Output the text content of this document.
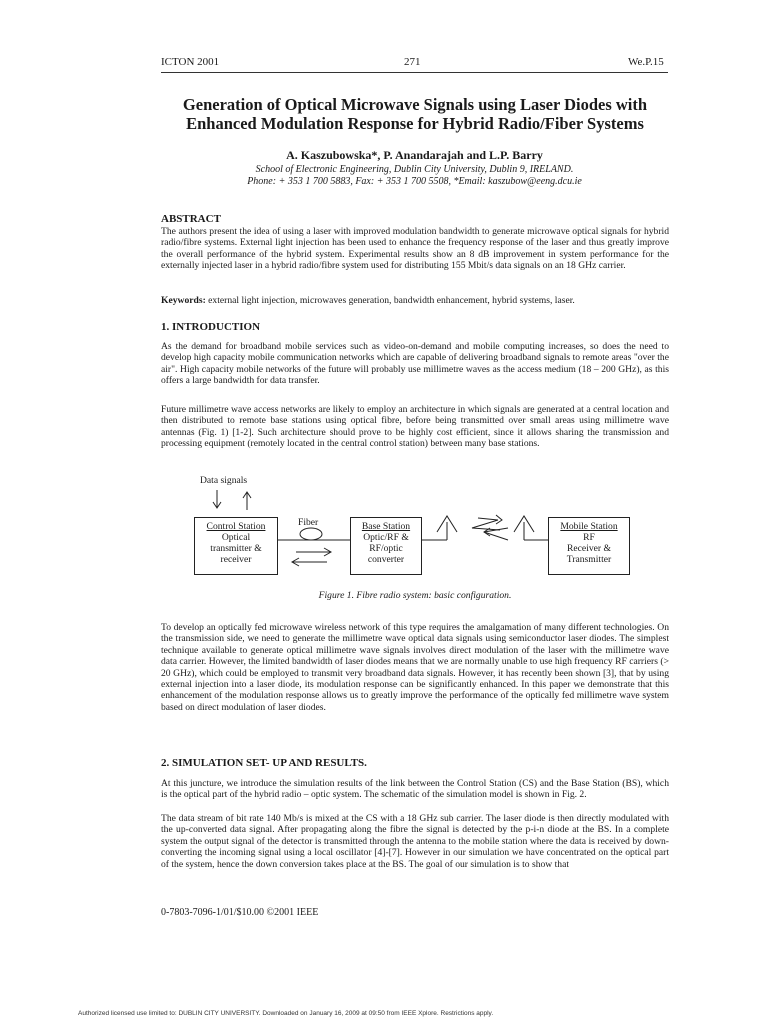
ICTON 2001	271	We.P.15
Generation of Optical Microwave Signals using Laser Diodes with Enhanced Modulation Response for Hybrid Radio/Fiber Systems
A. Kaszubowska*, P. Anandarajah and L.P. Barry
School of Electronic Engineering, Dublin City University, Dublin 9, IRELAND.
Phone: + 353 1 700 5883, Fax: + 353 1 700 5508, *Email: kaszubow@eeng.dcu.ie
ABSTRACT

The authors present the idea of using a laser with improved modulation bandwidth to generate microwave optical signals for hybrid radio/fibre systems. External light injection has been used to enhance the frequency response of the laser and thus greatly improve the overall performance of the hybrid system. Experimental results show an 8 dB improvement in system performance for the externally injected laser in a hybrid radio/fibre system used for distributing 155 Mbit/s data signals on an 18 GHz carrier.

Keywords: external light injection, microwaves generation, bandwidth enhancement, hybrid systems, laser.

1. INTRODUCTION

As the demand for broadband mobile services such as video-on-demand and mobile computing increases, so does the need to develop high capacity mobile communication networks which are capable of delivering broadband signals to remote areas "over the air". High capacity mobile networks of the future will probably use millimetre waves as the access medium (18 – 200 GHz), as this offers a large bandwidth for data transfer.

Future millimetre wave access networks are likely to employ an architecture in which signals are generated at a central location and then distributed to remote base stations using optical fibre, before being transmitted over small areas using millimetre wave antennas (Fig. 1) [1-2]. Such architecture should prove to be highly cost efficient, since it allows sharing the transmission and processing equipment (remotely located in the central control station) between many base stations.

Data signals
Control Station
Optical
transmitter &
receiver
Fiber	Base Station
Optic/RF &
RF/optic
converter
Mobile Station
RF
Receiver &
Transmitter
Figure 1. Fibre radio system: basic configuration.

To develop an optically fed microwave wireless network of this type requires the amalgamation of many different technologies. On the transmission side, we need to generate the millimetre wave optical data signals using semiconductor laser diodes. The simplest technique available to generate optical millimetre wave signals involves direct modulation of the laser with the millimetre wave data carrier. However, the limited bandwidth of laser diodes means that we are normally unable to use high frequency RF carriers (> 20 GHz), which could be employed to transmit very broadband data signals. However, it has recently been shown [3], that by using external injection into a laser diode, its modulation response can be significantly enhanced. In this paper we demonstrate that this enhancement of the modulation response allows us to greatly improve the performance of the optically fed millimetre wave system based on direct modulation of laser diodes.

2. SIMULATION SET- UP AND RESULTS.

At this juncture, we introduce the simulation results of the link between the Control Station (CS) and the Base Station (BS), which is the optical part of the hybrid radio – optic system. The schematic of the simulation model is shown in Fig. 2.

The data stream of bit rate 140 Mb/s is mixed at the CS with a 18 GHz sub carrier. The laser diode is then directly modulated with the up-converted data signal. After propagating along the fibre the signal is detected by the p-i-n diode at the BS. In a complete system the output signal of the detector is transmitted through the antenna to the mobile station where the data is received by down-converting the incoming signal using a local oscillator [4]-[7]. However in our simulation we have concentrated on the optical part of the system, hence the down conversion takes place at the BS. The goal of our simulation is to show that

0-7803-7096-1/01/$10.00 ©2001 IEEE
Authorized licensed use limited to: DUBLIN CITY UNIVERSITY. Downloaded on January 16, 2009 at 09:50 from IEEE Xplore. Restrictions apply.
